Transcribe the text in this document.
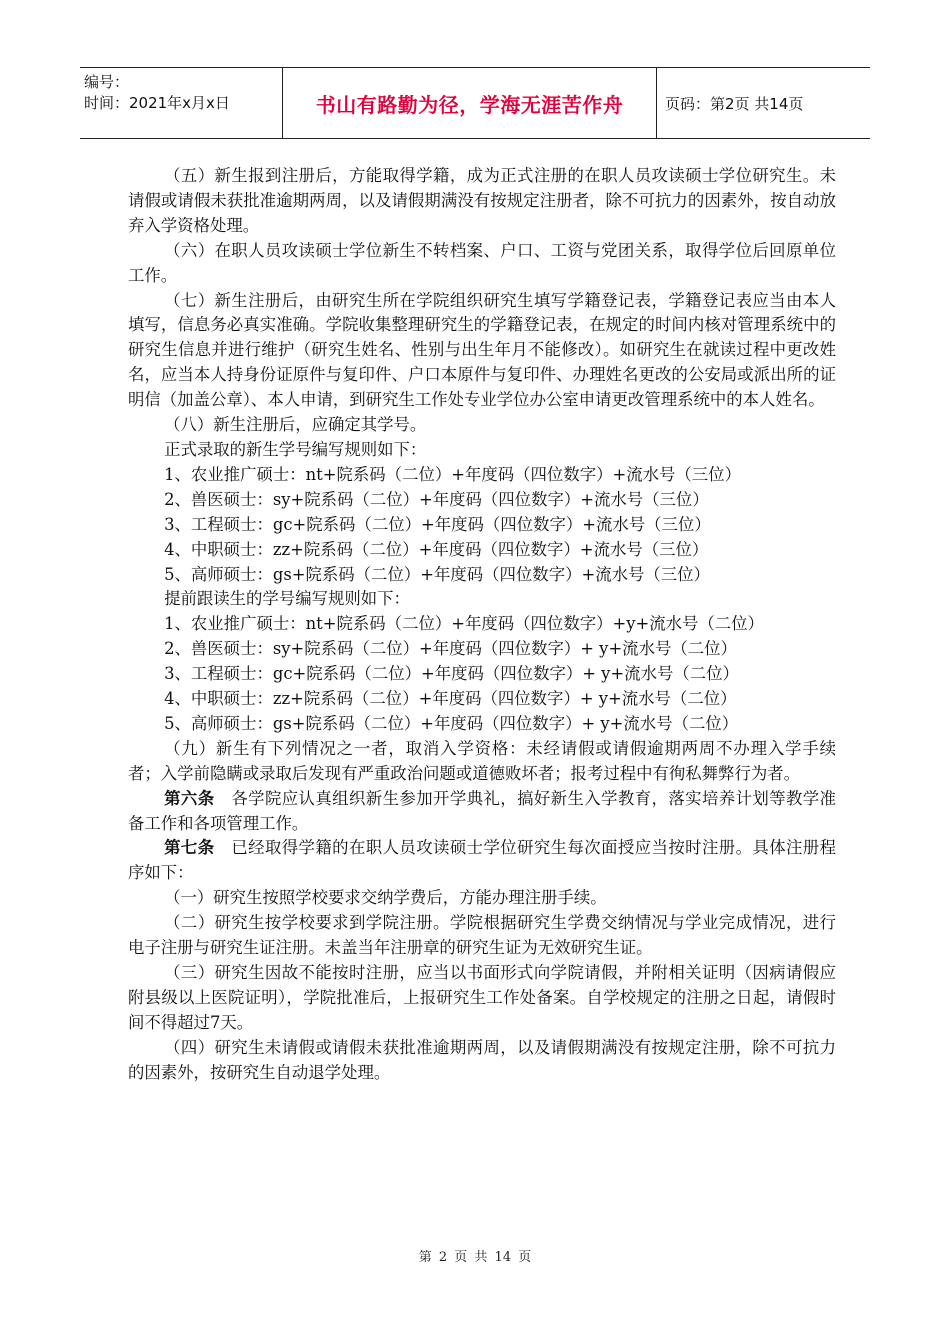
编号：
时间：2021年x月x日	书山有路勤为径，学海无涯苦作舟	页码：第2页 共14页

（五）新生报到注册后，方能取得学籍，成为正式注册的在职人员攻读硕士学位研究生。未请假或请假未获批准逾期两周，以及请假期满没有按规定注册者，除不可抗力的因素外，按自动放弃入学资格处理。

（六）在职人员攻读硕士学位新生不转档案、户口、工资与党团关系，取得学位后回原单位工作。

（七）新生注册后，由研究生所在学院组织研究生填写学籍登记表，学籍登记表应当由本人填写，信息务必真实准确。学院收集整理研究生的学籍登记表，在规定的时间内核对管理系统中的研究生信息并进行维护（研究生姓名、性别与出生年月不能修改）。如研究生在就读过程中更改姓名，应当本人持身份证原件与复印件、户口本原件与复印件、办理姓名更改的公安局或派出所的证明信（加盖公章）、本人申请，到研究生工作处专业学位办公室申请更改管理系统中的本人姓名。

（八）新生注册后，应确定其学号。

正式录取的新生学号编写规则如下：

1、农业推广硕士：nt+院系码（二位）+年度码（四位数字）+流水号（三位）

2、兽医硕士：sy+院系码（二位）+年度码（四位数字）+流水号（三位）

3、工程硕士：gc+院系码（二位）+年度码（四位数字）+流水号（三位）

4、中职硕士：zz+院系码（二位）+年度码（四位数字）+流水号（三位）

5、高师硕士：gs+院系码（二位）+年度码（四位数字）+流水号（三位）

提前跟读生的学号编写规则如下：

1、农业推广硕士：nt+院系码（二位）+年度码（四位数字）+y+流水号（二位）

2、兽医硕士：sy+院系码（二位）+年度码（四位数字）+ y+流水号（二位）

3、工程硕士：gc+院系码（二位）+年度码（四位数字）+ y+流水号（二位）

4、中职硕士：zz+院系码（二位）+年度码（四位数字）+ y+流水号（二位）

5、高师硕士：gs+院系码（二位）+年度码（四位数字）+ y+流水号（二位）

（九）新生有下列情况之一者，取消入学资格：未经请假或请假逾期两周不办理入学手续者；入学前隐瞒或录取后发现有严重政治问题或道德败坏者；报考过程中有徇私舞弊行为者。

第六条　各学院应认真组织新生参加开学典礼，搞好新生入学教育，落实培养计划等教学准备工作和各项管理工作。

第七条　已经取得学籍的在职人员攻读硕士学位研究生每次面授应当按时注册。具体注册程序如下：

（一）研究生按照学校要求交纳学费后，方能办理注册手续。

（二）研究生按学校要求到学院注册。学院根据研究生学费交纳情况与学业完成情况，进行电子注册与研究生证注册。未盖当年注册章的研究生证为无效研究生证。

（三）研究生因故不能按时注册，应当以书面形式向学院请假，并附相关证明（因病请假应附县级以上医院证明），学院批准后，上报研究生工作处备案。自学校规定的注册之日起，请假时间不得超过7天。

（四）研究生未请假或请假未获批准逾期两周，以及请假期满没有按规定注册，除不可抗力的因素外，按研究生自动退学处理。

第 2 页 共 14 页
